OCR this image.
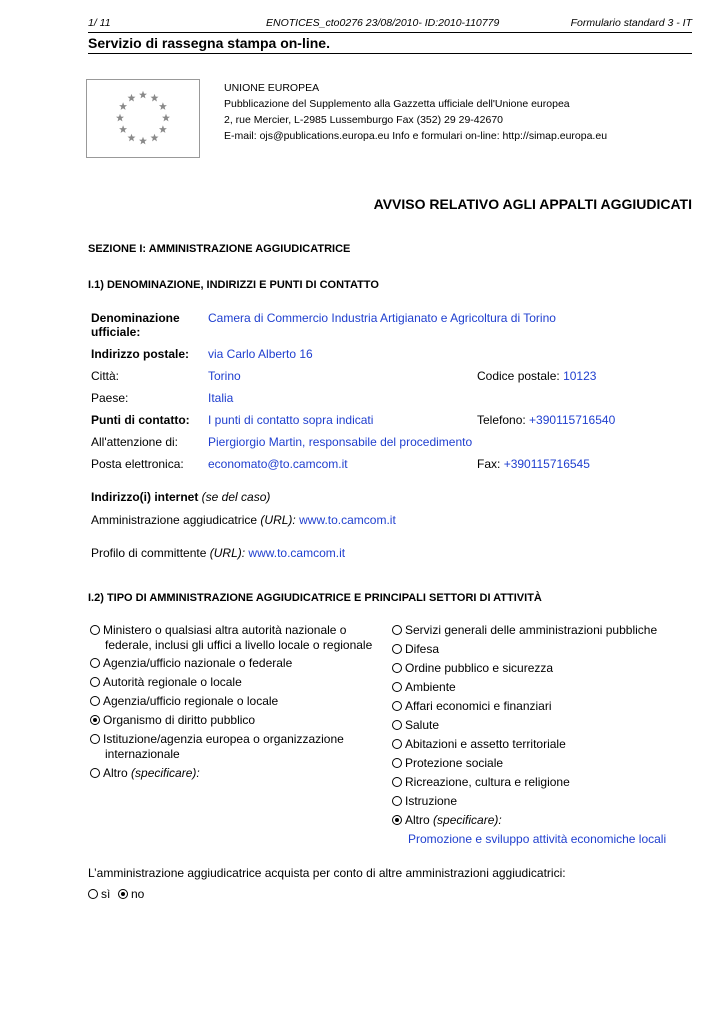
1/ 11	ENOTICES_cto0276 23/08/2010- ID:2010-110779	Formulario standard 3 - IT
Servizio di rassegna stampa on-line.
UNIONE EUROPEA
Pubblicazione del Supplemento alla Gazzetta ufficiale dell'Unione europea
2, rue Mercier, L-2985 Lussemburgo Fax (352) 29 29-42670
E-mail: ojs@publications.europa.eu Info e formulari on-line: http://simap.europa.eu
AVVISO RELATIVO AGLI APPALTI AGGIUDICATI
SEZIONE I: AMMINISTRAZIONE AGGIUDICATRICE
I.1) DENOMINAZIONE, INDIRIZZI E PUNTI DI CONTATTO
Denominazione
ufficiale:
Camera di Commercio Industria Artigianato e Agricoltura di Torino
Indirizzo postale: via Carlo Alberto 16
Città:	Torino	Codice postale: 10123
Paese:	Italia
Punti di contatto: I punti di contatto sopra indicati	Telefono: +390115716540
All'attenzione di: Piergiorgio Martin, responsabile del procedimento
Posta elettronica: economato@to.camcom.it	Fax: +390115716545
Indirizzo(i) internet (se del caso)
Amministrazione aggiudicatrice (URL): www.to.camcom.it
Profilo di committente (URL): www.to.camcom.it
I.2) TIPO DI AMMINISTRAZIONE AGGIUDICATRICE E PRINCIPALI SETTORI DI ATTIVITÀ
Ministero o qualsiasi altra autorità nazionale o
federale, inclusi gli uffici a livello locale o regionale
Agenzia/ufficio nazionale o federale
Autorità regionale o locale
Agenzia/ufficio regionale o locale
Organismo di diritto pubblico
Istituzione/agenzia europea o organizzazione
internazionale
Altro (specificare):
Servizi generali delle amministrazioni pubbliche
Difesa
Ordine pubblico e sicurezza
Ambiente
Affari economici e finanziari
Salute
Abitazioni e assetto territoriale
Protezione sociale
Ricreazione, cultura e religione
Istruzione
Altro (specificare):
Promozione e sviluppo attività economiche locali
L’amministrazione aggiudicatrice acquista per conto di altre amministrazioni aggiudicatrici:
sì	no
